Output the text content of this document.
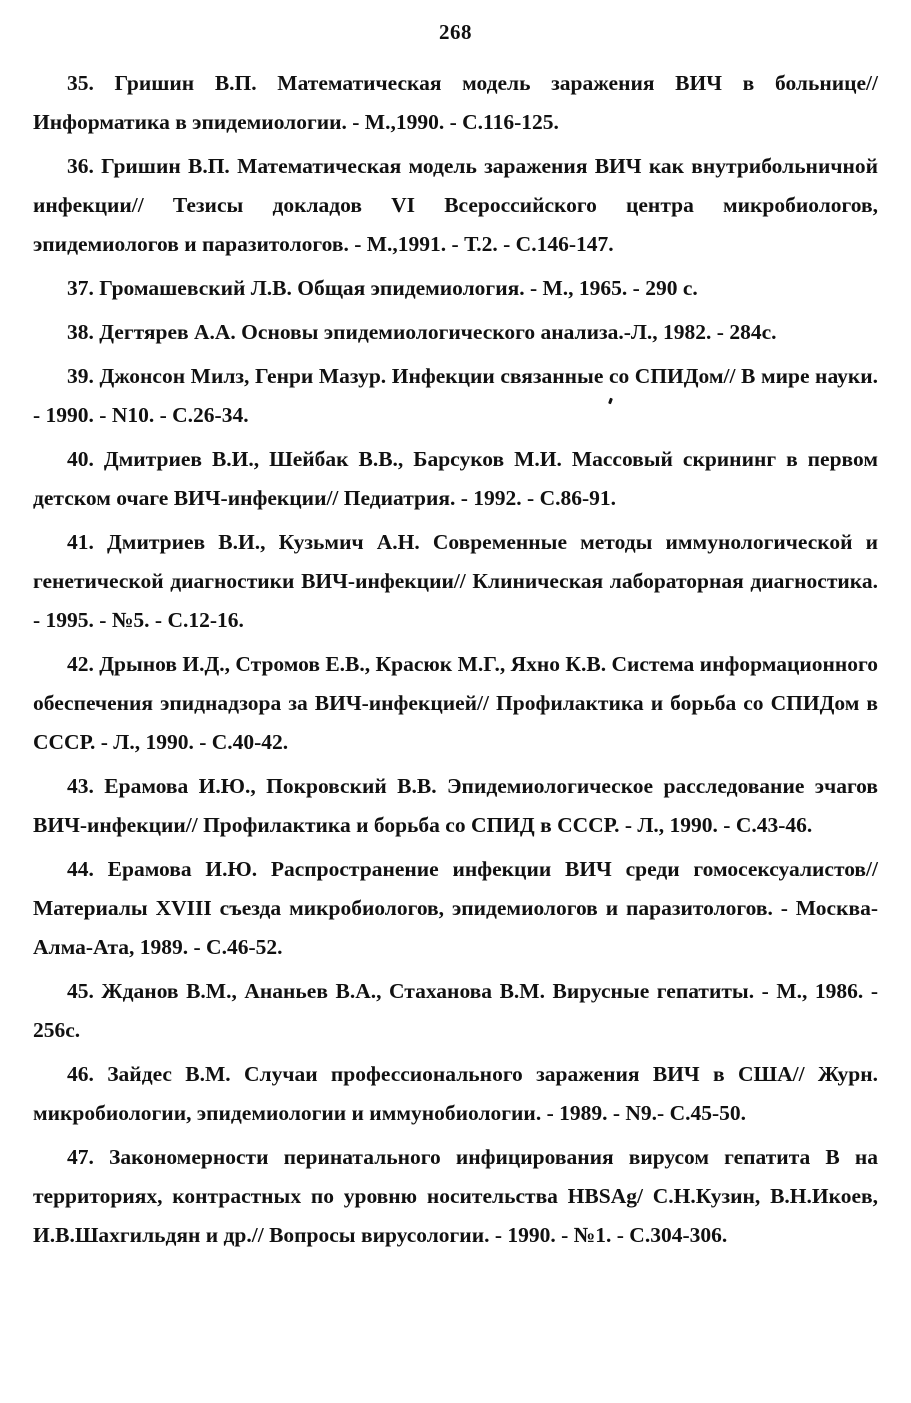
268

35. Гришин В.П. Математическая модель заражения ВИЧ в больнице// Информатика в эпидемиологии. - М.,1990. - С.116-125.

36. Гришин В.П. Математическая модель заражения ВИЧ как внутрибольничной инфекции// Тезисы докладов VI Всероссийского центра микробиологов, эпидемиологов и паразитологов. - М.,1991. - Т.2. - С.146-147.

37. Громашевский Л.В. Общая эпидемиология. - М., 1965. - 290 с.

38. Дегтярев А.А. Основы эпидемиологического анализа.-Л., 1982. - 284с.

39. Джонсон Милз, Генри Мазур. Инфекции связанные со СПИДом// В мире науки. - 1990. - N10. - С.26-34.

40. Дмитриев В.И., Шейбак В.В., Барсуков М.И. Массовый скрининг в первом детском очаге ВИЧ-инфекции// Педиатрия. - 1992. - С.86-91.

41. Дмитриев В.И., Кузьмич А.Н. Современные методы иммунологической и генетической диагностики ВИЧ-инфекции// Клиническая лабораторная диагностика. - 1995. - №5. - С.12-16.

42. Дрынов И.Д., Стромов Е.В., Красюк М.Г., Яхно К.В. Система информационного обеспечения эпиднадзора за ВИЧ-инфекцией// Профилактика и борьба со СПИДом в СССР. - Л., 1990. - С.40-42.

43. Ерамова И.Ю., Покровский В.В. Эпидемиологическое расследование эчагов ВИЧ-инфекции// Профилактика и борьба со СПИД в СССР. - Л., 1990. - С.43-46.

44. Ерамова И.Ю. Распространение инфекции ВИЧ среди гомосексуалистов// Материалы XVIII съезда микробиологов, эпидемиологов и паразитологов. - Москва-Алма-Ата, 1989. - С.46-52.

45. Жданов В.М., Ананьев В.А., Стаханова В.М. Вирусные гепатиты. - М., 1986. - 256с.

46. Зайдес В.М. Случаи профессионального заражения ВИЧ в США// Журн. микробиологии, эпидемиологии и иммунобиологии. - 1989. - N9.- С.45-50.

47. Закономерности перинатального инфицирования вирусом гепатита В на территориях, контрастных по уровню носительства HBSAg/ С.Н.Кузин, В.Н.Икоев, И.В.Шахгильдян и др.// Вопросы вирусологии. - 1990. - №1. - С.304-306.
